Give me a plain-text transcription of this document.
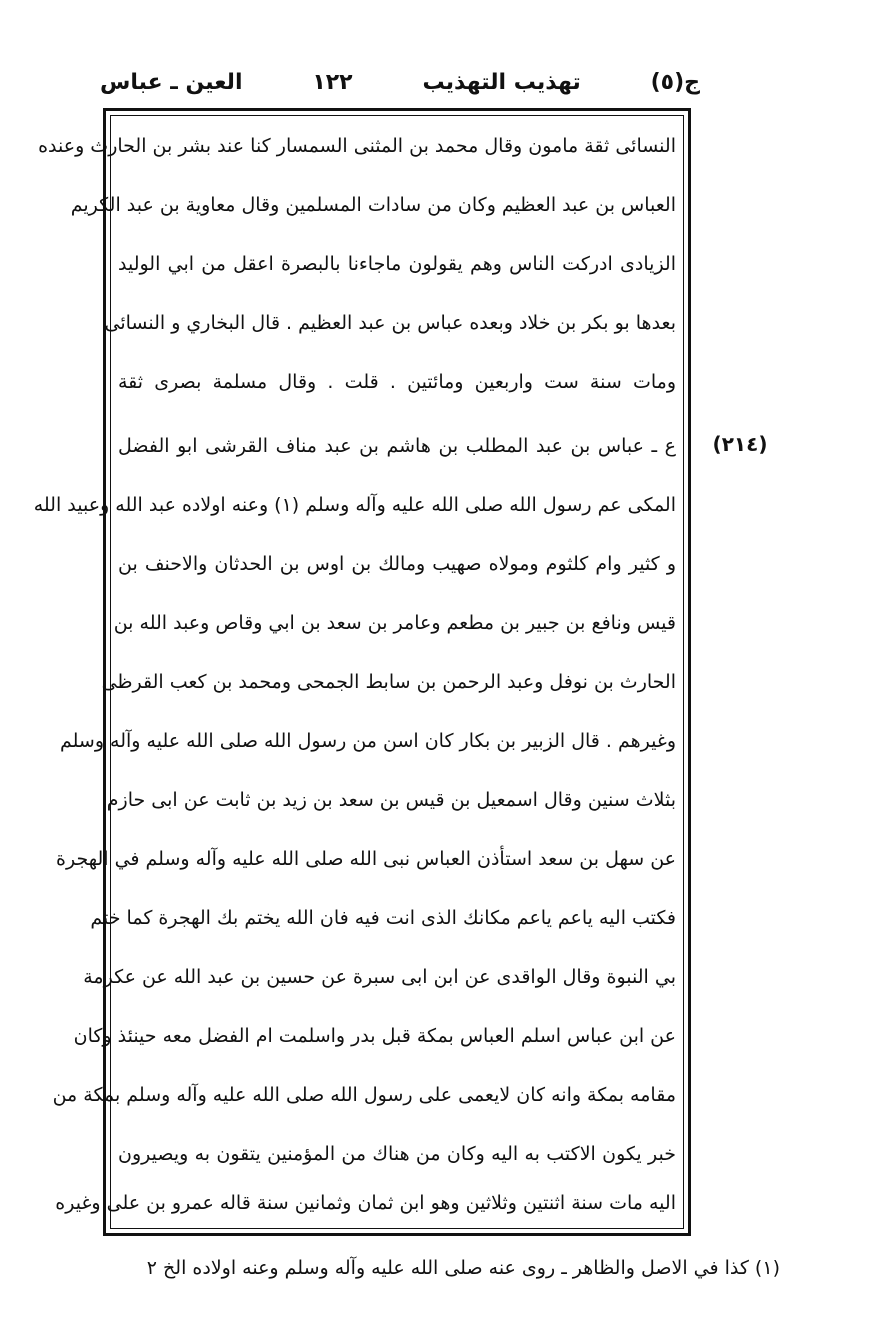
ج(٥)
تهذيب التهذيب
١٢٢
العين ـ عباس
(٢١٤)
النسائى ثقة مامون وقال محمد بن المثنى السمسار كنا عند بشر بن الحارث وعنده
العباس بن عبد العظيم وكان من سادات المسلمين وقال معاوية بن عبد الكريم
الزيادى ادركت الناس وهم يقولون ماجاءنا بالبصرة اعقل من ابي الوليد
بعدها بو بكر بن خلاد وبعده عباس بن عبد العظيم . قال البخاري و النسائى
ومات سنة ست واربعين ومائتين . قلت . وقال مسلمة بصرى ثقة
ع ـ عباس بن عبد المطلب بن هاشم بن عبد مناف القرشى ابو الفضل
المكى عم رسول الله صلى الله عليه وآله وسلم (١) وعنه اولاده عبد الله وعبيد الله
و كثير وام كلثوم ومولاه صهيب ومالك بن اوس بن الحدثان والاحنف بن
قيس ونافع بن جبير بن مطعم وعامر بن سعد بن ابي وقاص وعبد الله بن
الحارث بن نوفل وعبد الرحمن بن سابط الجمحى ومحمد بن كعب القرظى
وغيرهم . قال الزبير بن بكار كان اسن من رسول الله صلى الله عليه وآله وسلم
بثلاث سنين وقال اسمعيل بن قيس بن سعد بن زيد بن ثابت عن ابى حازم
عن سهل بن سعد استأذن العباس نبى الله صلى الله عليه وآله وسلم في الهجرة
فكتب اليه ياعم ياعم مكانك الذى انت فيه فان الله يختم بك الهجرة كما ختم
بي النبوة وقال الواقدى عن ابن ابى سبرة عن حسين بن عبد الله عن عكرمة
عن ابن عباس اسلم العباس بمكة قبل بدر واسلمت ام الفضل معه حينئذ وكان
مقامه بمكة وانه كان لايعمى على رسول الله صلى الله عليه وآله وسلم بمكة من
خبر يكون الاكتب به اليه وكان من هناك من المؤمنين يتقون به ويصيرون
اليه مات سنة اثنتين وثلاثين وهو ابن ثمان وثمانين سنة قاله عمرو بن على وغيره
(١) كذا في الاصل والظاهر ـ روى عنه صلى الله عليه وآله وسلم وعنه اولاده الخ ٢
